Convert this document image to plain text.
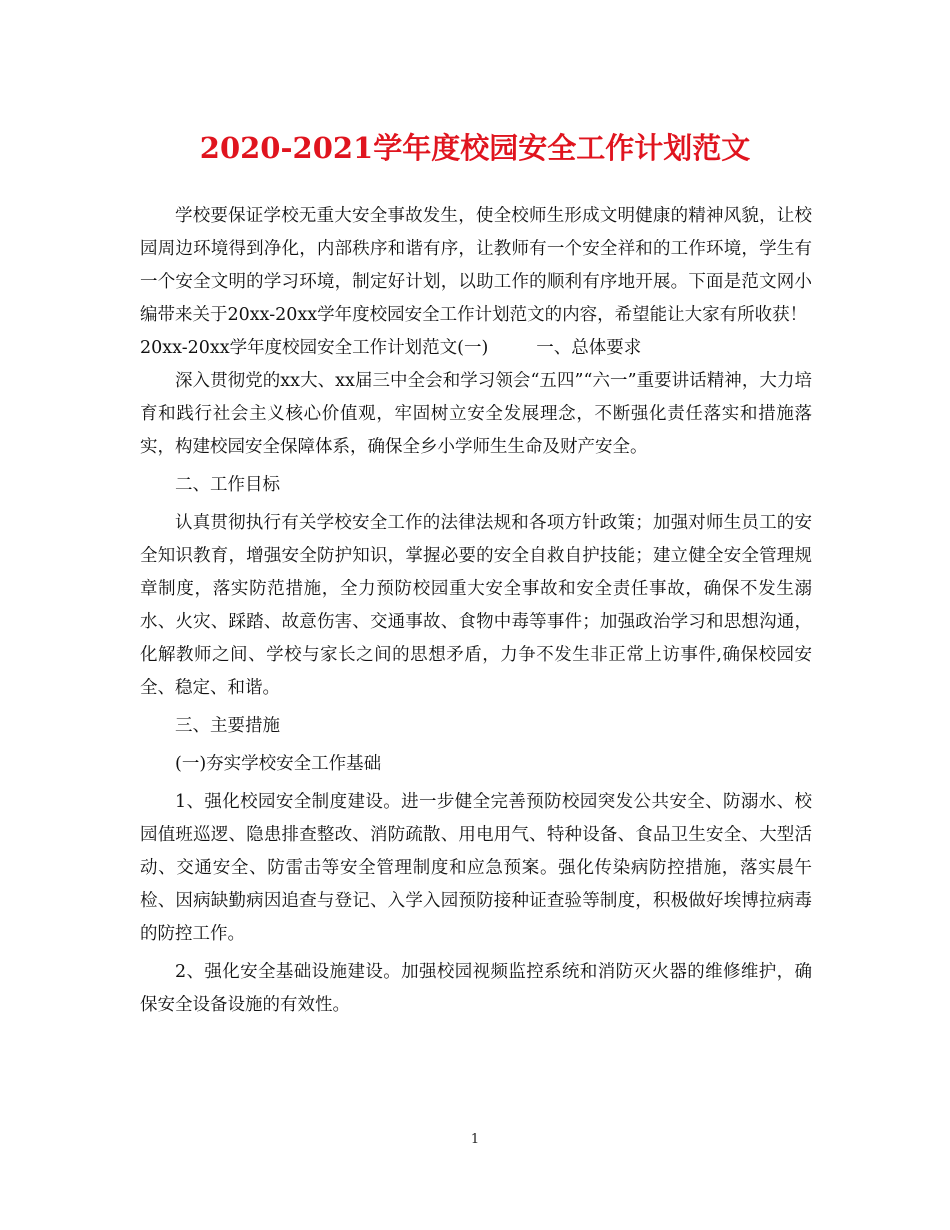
2020-2021学年度校园安全工作计划范文

学校要保证学校无重大安全事故发生，使全校师生形成文明健康的精神风貌，让校园周边环境得到净化，内部秩序和谐有序，让教师有一个安全祥和的工作环境，学生有一个安全文明的学习环境，制定好计划，以助工作的顺利有序地开展。下面是范文网小编带来关于20xx-20xx学年度校园安全工作计划范文的内容，希望能让大家有所收获！

20xx-20xx学年度校园安全工作计划范文(一)	一、总体要求

深入贯彻党的xx大、xx届三中全会和学习领会“五四”“六一”重要讲话精神，大力培育和践行社会主义核心价值观，牢固树立安全发展理念，不断强化责任落实和措施落实，构建校园安全保障体系，确保全乡小学师生生命及财产安全。

二、工作目标

认真贯彻执行有关学校安全工作的法律法规和各项方针政策；加强对师生员工的安全知识教育，增强安全防护知识，掌握必要的安全自救自护技能；建立健全安全管理规章制度，落实防范措施，全力预防校园重大安全事故和安全责任事故，确保不发生溺水、火灾、踩踏、故意伤害、交通事故、食物中毒等事件；加强政治学习和思想沟通，化解教师之间、学校与家长之间的思想矛盾，力争不发生非正常上访事件,确保校园安全、稳定、和谐。

三、主要措施

(一)夯实学校安全工作基础

1、强化校园安全制度建设。进一步健全完善预防校园突发公共安全、防溺水、校园值班巡逻、隐患排查整改、消防疏散、用电用气、特种设备、食品卫生安全、大型活动、交通安全、防雷击等安全管理制度和应急预案。强化传染病防控措施，落实晨午检、因病缺勤病因追查与登记、入学入园预防接种证查验等制度，积极做好埃博拉病毒的防控工作。

2、强化安全基础设施建设。加强校园视频监控系统和消防灭火器的维修维护，确保安全设备设施的有效性。

1
